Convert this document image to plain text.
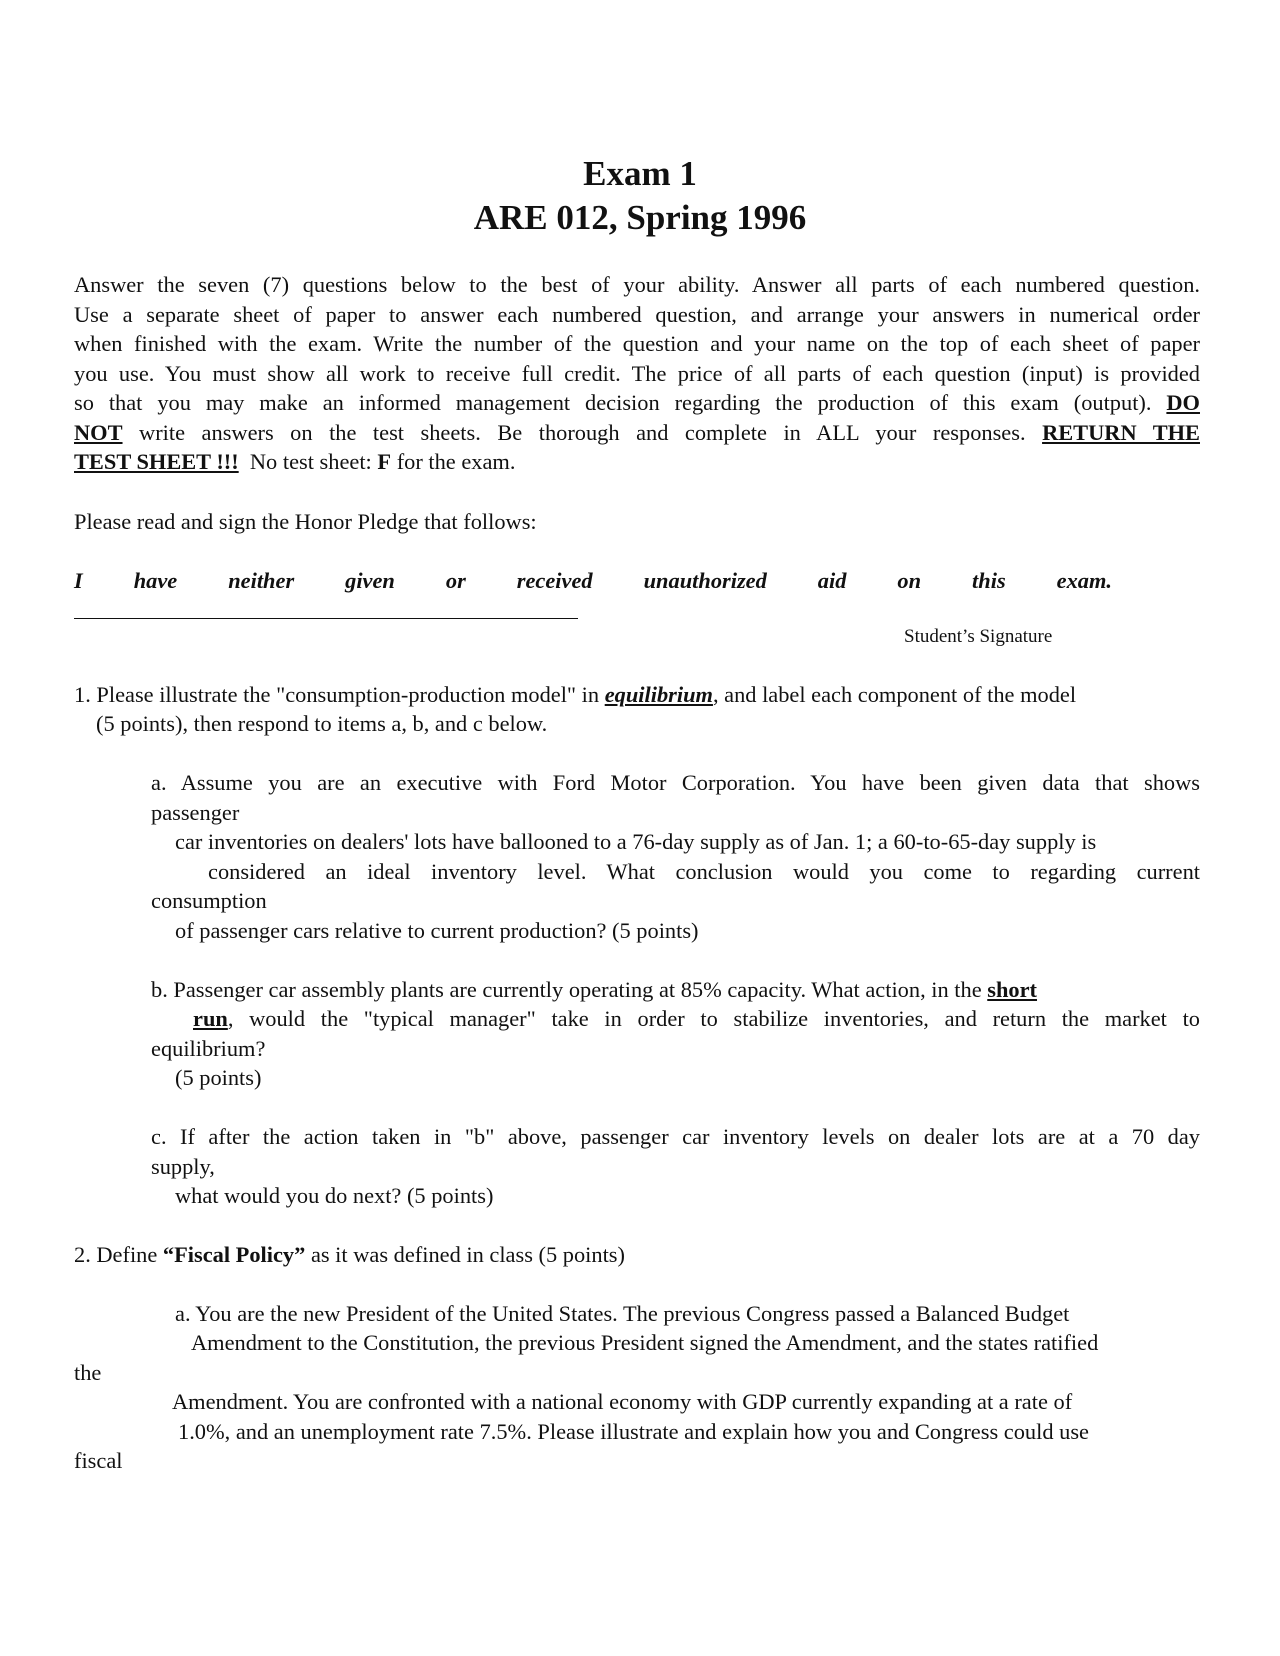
Exam 1
ARE 012, Spring 1996

Answer the seven (7) questions below to the best of your ability. Answer all parts of each numbered question.

Use a separate sheet of paper to answer each numbered question, and arrange your answers in numerical order

when finished with the exam. Write the number of the question and your name on the top of each sheet of paper

you use. You must show all work to receive full credit. The price of all parts of each question (input) is provided

so that you may make an informed management decision regarding the production of this exam (output). DO

NOT write answers on the test sheets. Be thorough and complete in ALL your responses. RETURN THE

TEST SHEET !!! No test sheet: F for the exam.

Please read and sign the Honor Pledge that follows:

I have neither given or received unauthorized aid on this exam.

Student’s Signature

1. Please illustrate the "consumption-production model" in equilibrium, and label each component of the model

(5 points), then respond to items a, b, and c below.

a. Assume you are an executive with Ford Motor Corporation. You have been given data that shows

passenger

car inventories on dealers' lots have ballooned to a 76-day supply as of Jan. 1; a 60-to-65-day supply is

considered an ideal inventory level. What conclusion would you come to regarding current

consumption

of passenger cars relative to current production? (5 points)

b. Passenger car assembly plants are currently operating at 85% capacity. What action, in the short

run, would the "typical manager" take in order to stabilize inventories, and return the market to

equilibrium?

(5 points)

c. If after the action taken in "b" above, passenger car inventory levels on dealer lots are at a 70 day

supply,

what would you do next? (5 points)

2. Define “Fiscal Policy” as it was defined in class (5 points)

a. You are the new President of the United States. The previous Congress passed a Balanced Budget

Amendment to the Constitution, the previous President signed the Amendment, and the states ratified

the

Amendment. You are confronted with a national economy with GDP currently expanding at a rate of

1.0%, and an unemployment rate 7.5%. Please illustrate and explain how you and Congress could use

fiscal
